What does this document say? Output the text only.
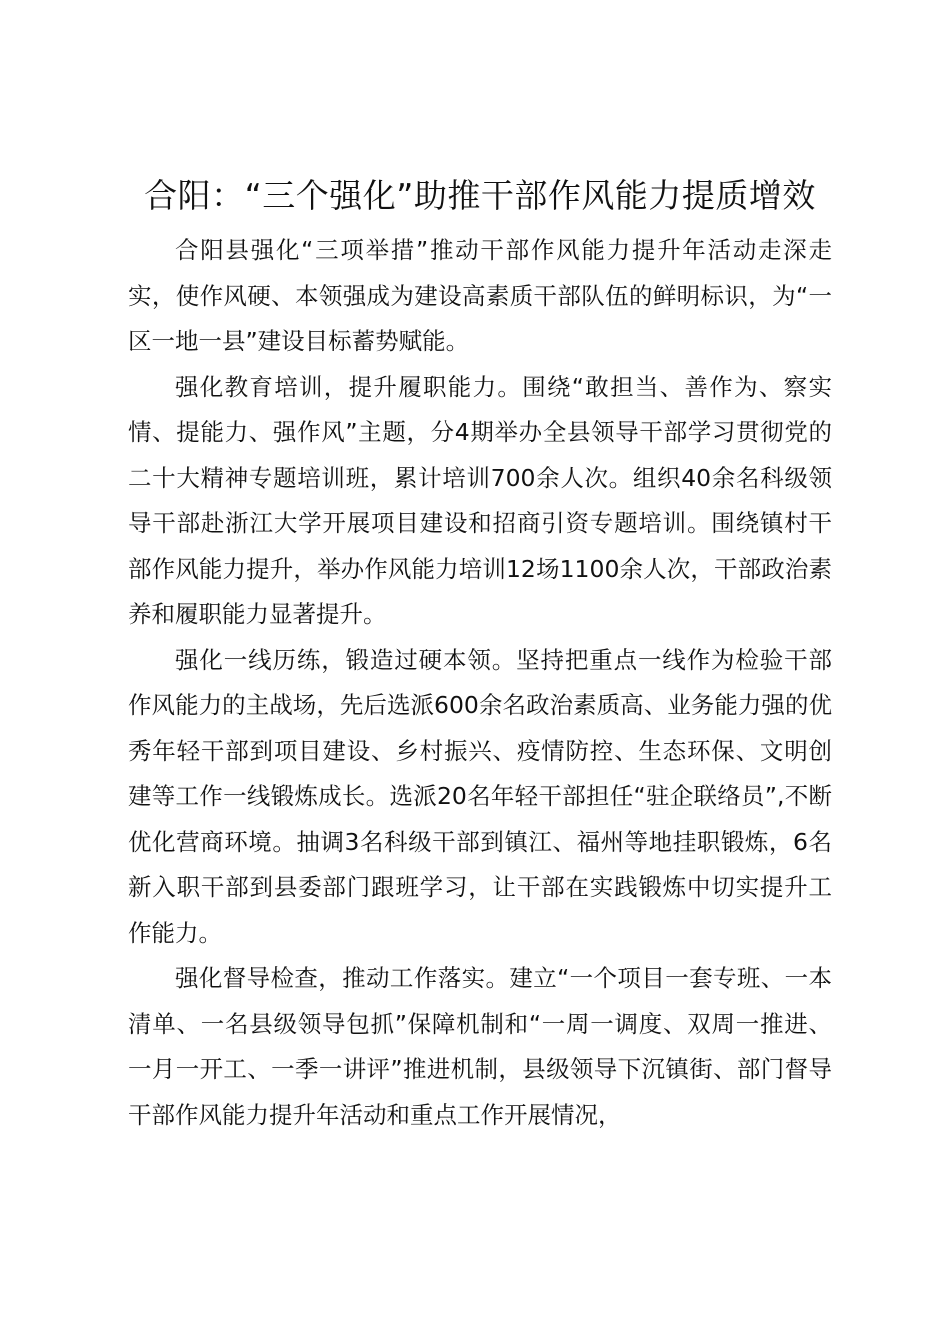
合阳：“三个强化”助推干部作风能力提质增效

合阳县强化“三项举措”推动干部作风能力提升年活动走深走实，使作风硬、本领强成为建设高素质干部队伍的鲜明标识，为“一区一地一县”建设目标蓄势赋能。

强化教育培训，提升履职能力。围绕“敢担当、善作为、察实情、提能力、强作风”主题，分4期举办全县领导干部学习贯彻党的二十大精神专题培训班，累计培训700余人次。组织40余名科级领导干部赴浙江大学开展项目建设和招商引资专题培训。围绕镇村干部作风能力提升，举办作风能力培训12场1100余人次，干部政治素养和履职能力显著提升。

强化一线历练，锻造过硬本领。坚持把重点一线作为检验干部作风能力的主战场，先后选派600余名政治素质高、业务能力强的优秀年轻干部到项目建设、乡村振兴、疫情防控、生态环保、文明创建等工作一线锻炼成长。选派20名年轻干部担任“驻企联络员”,不断优化营商环境。抽调3名科级干部到镇江、福州等地挂职锻炼，6名新入职干部到县委部门跟班学习，让干部在实践锻炼中切实提升工作能力。

强化督导检查，推动工作落实。建立“一个项目一套专班、一本清单、一名县级领导包抓”保障机制和“一周一调度、双周一推进、一月一开工、一季一讲评”推进机制，县级领导下沉镇街、部门督导干部作风能力提升年活动和重点工作开展情况，
